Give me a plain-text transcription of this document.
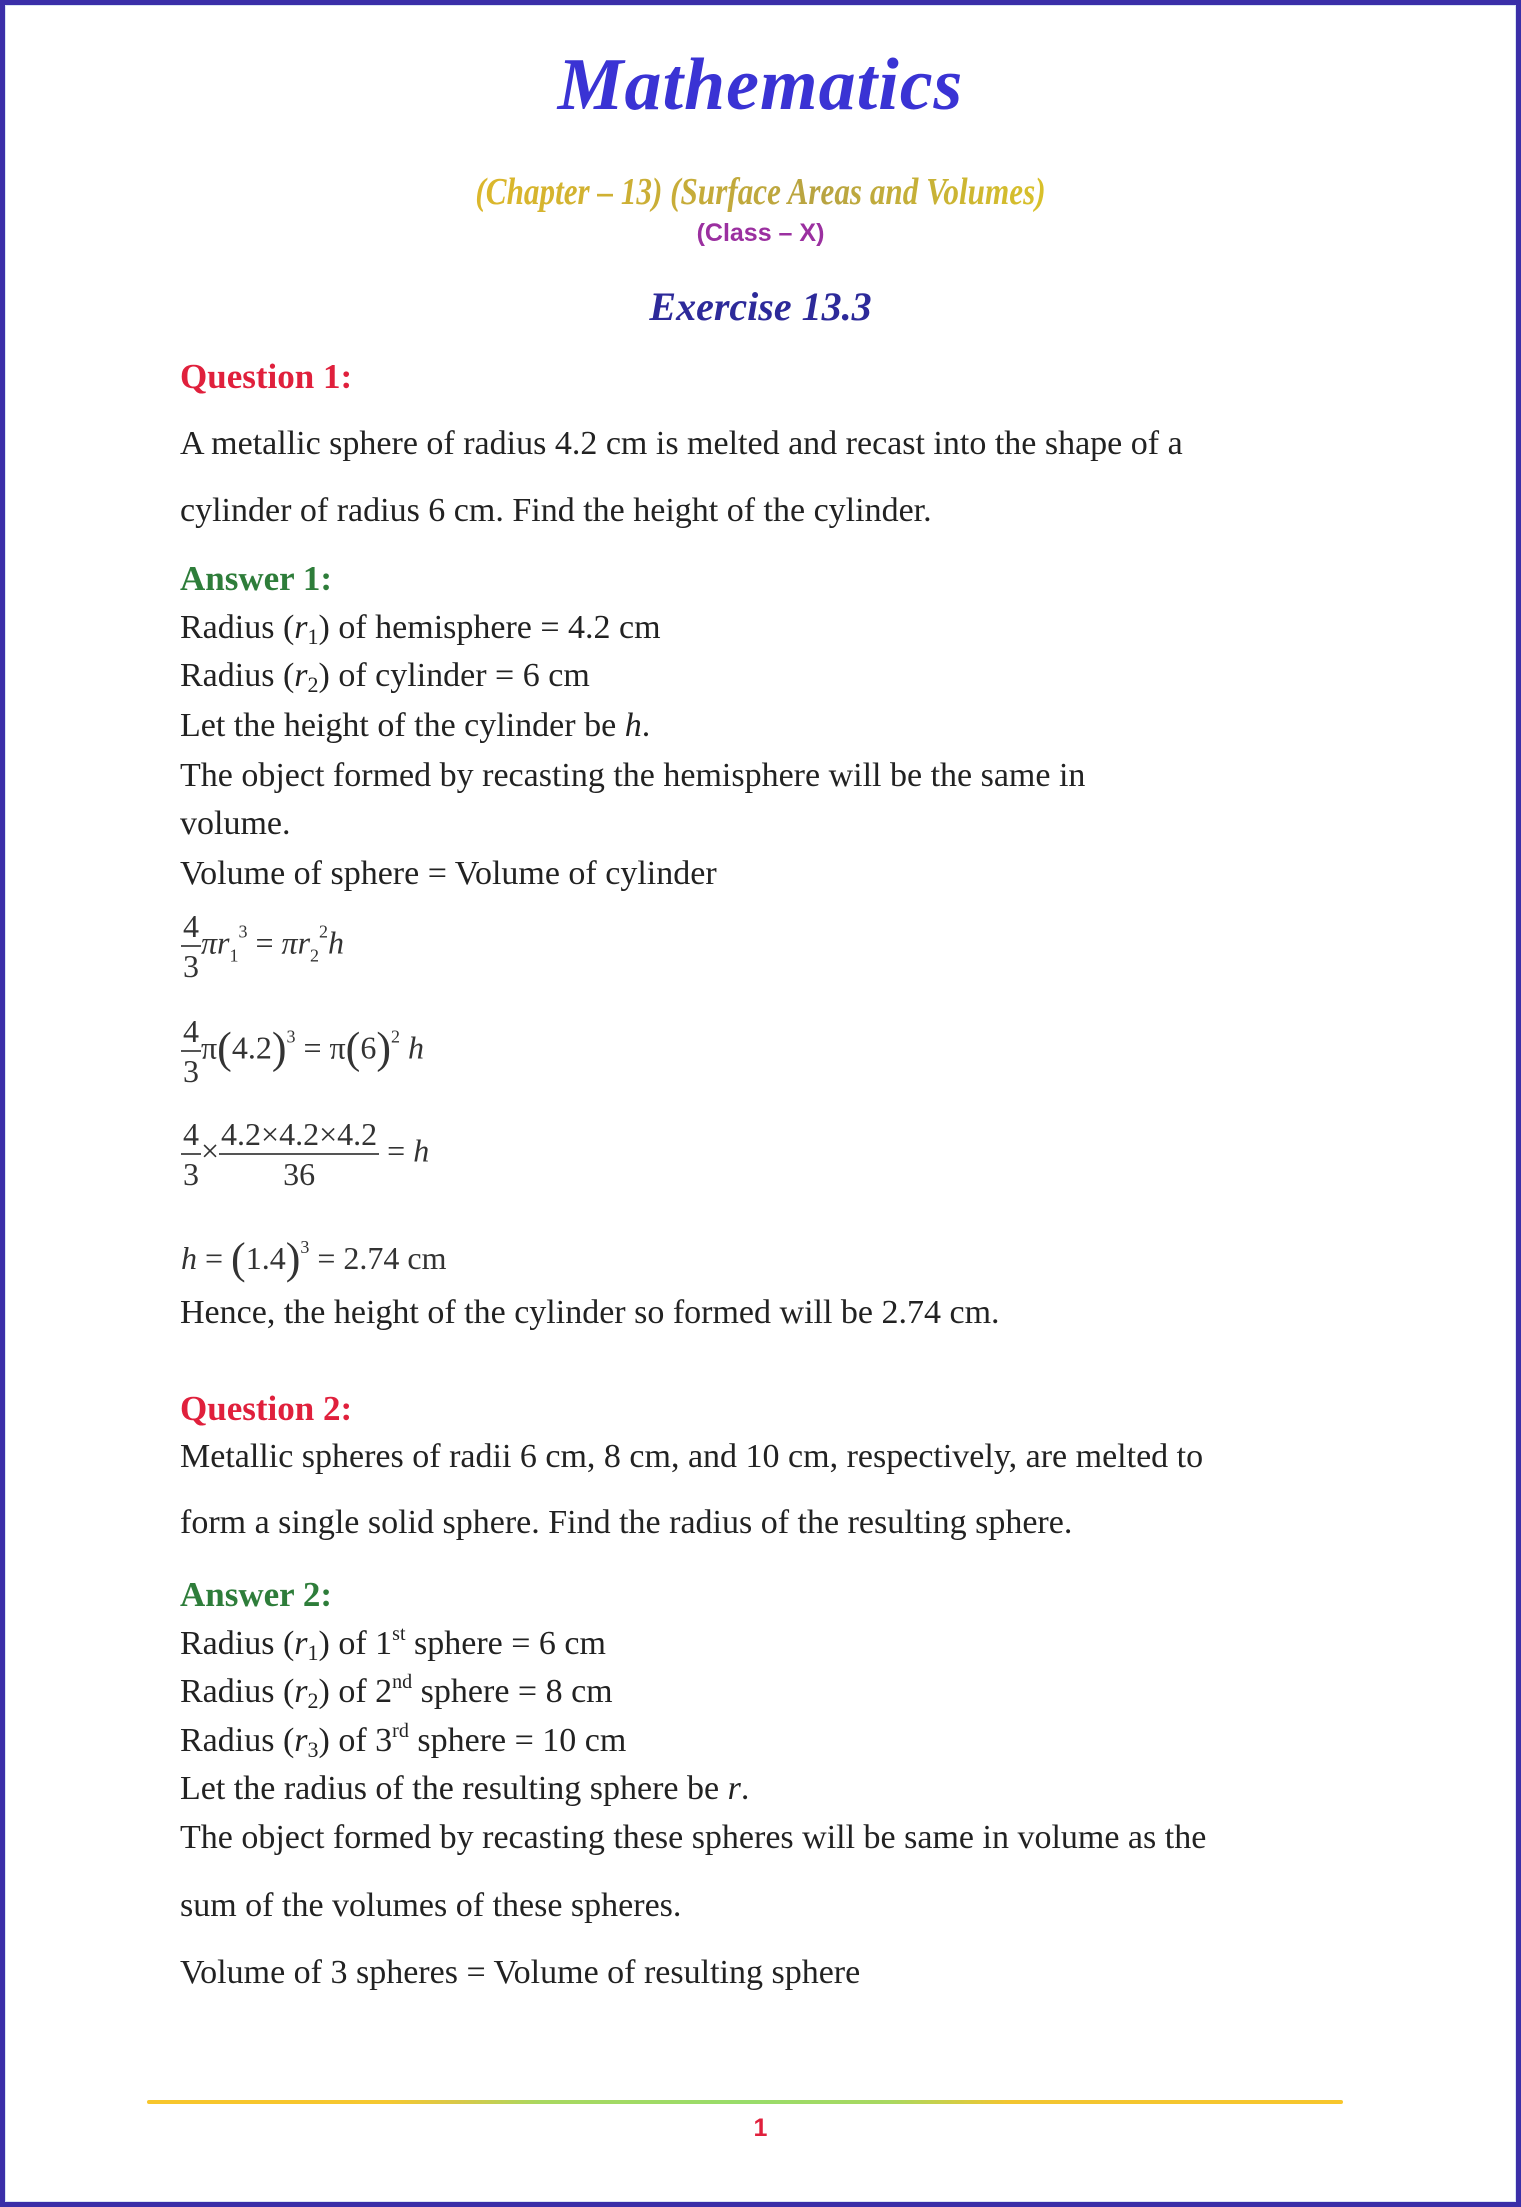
Mathematics
(Chapter – 13) (Surface Areas and Volumes)
(Class – X)
Exercise 13.3
Question 1:
A metallic sphere of radius 4.2 cm is melted and recast into the shape of a
cylinder of radius 6 cm. Find the height of the cylinder.
Answer 1:
Radius $(r_1)$ of hemisphere = 4.2 cm
Radius $(r_2)$ of cylinder = 6 cm
Let the height of the cylinder be h.
The object formed by recasting the hemisphere will be the same in
volume.
Volume of sphere = Volume of cylinder
$\frac{4}{3} \pi r_1^3 = \pi r_2^2h$
$\frac{4}{3} \pi(4.2)^3 = \pi(6)^2$ h
$\frac{4}{3} \times \frac{4.2\times 4.2\times 4.2}{36} = h$
$h = (1.4)^3 = 2.74$ cm
Hence, the height of the cylinder so formed will be 2.74 cm.
Question 2:
Metallic spheres of radii 6 cm, 8 cm, and 10 cm, respectively, are melted to
form a single solid sphere. Find the radius of the resulting sphere.
Answer 2:
Radius $(r_1)$ of 1st sphere = 6 cm
Radius $(r_2)$ of 2nd sphere = 8 cm
Radius $(r_3)$ of 3rd sphere = 10 cm
Let the radius of the resulting sphere be r.
The object formed by recasting these spheres will be same in volume as the
sum of the volumes of these spheres.
Volume of 3 spheres = Volume of resulting sphere
1
